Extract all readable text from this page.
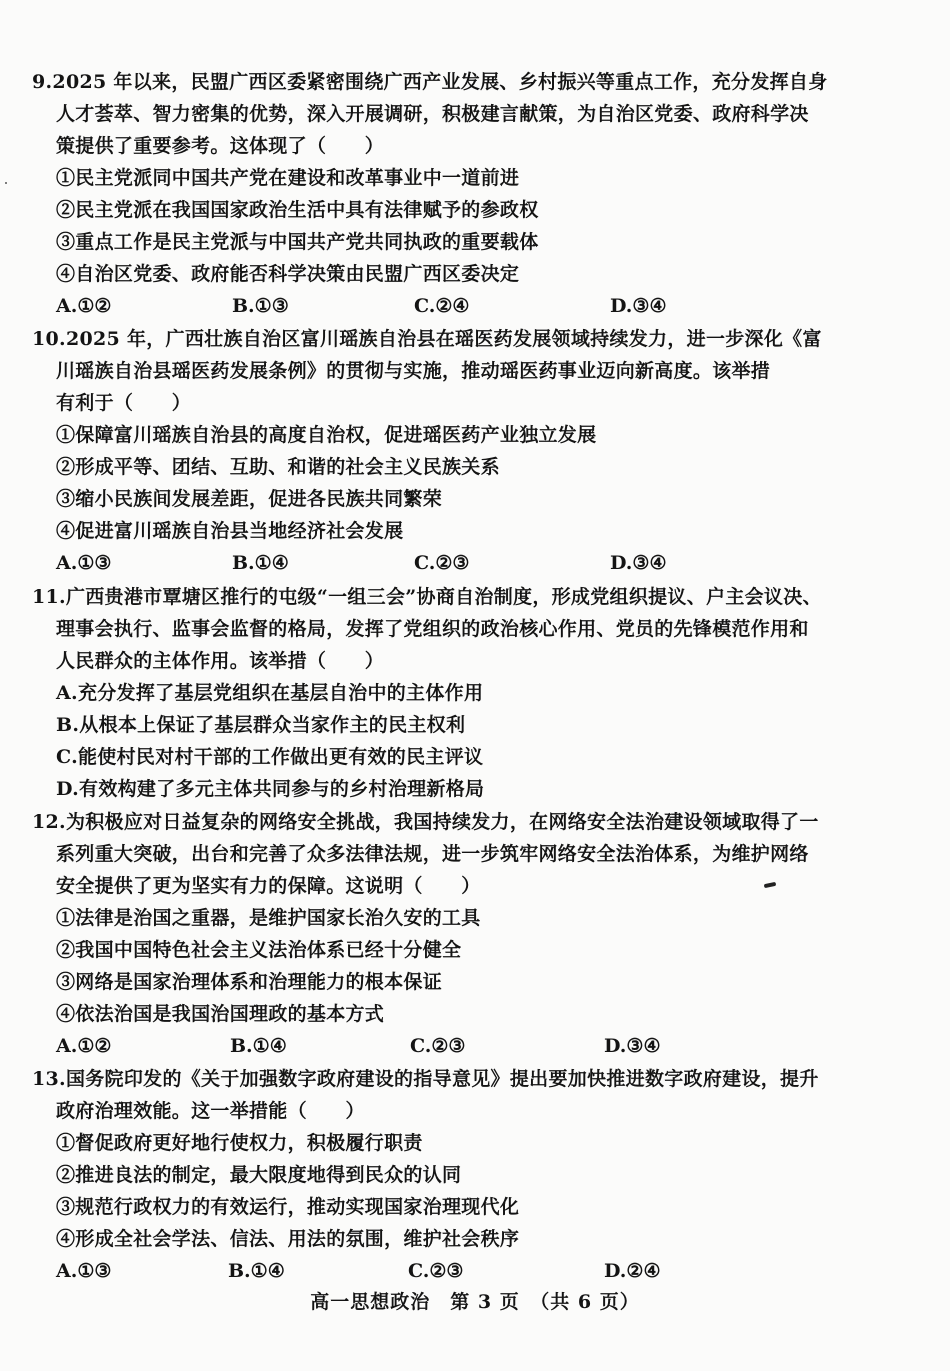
9.2025 年以来，民盟广西区委紧密围绕广西产业发展、乡村振兴等重点工作，充分发挥自身
人才荟萃、智力密集的优势，深入开展调研，积极建言献策，为自治区党委、政府科学决
策提供了重要参考。这体现了（　　）
①民主党派同中国共产党在建设和改革事业中一道前进
②民主党派在我国国家政治生活中具有法律赋予的参政权
③重点工作是民主党派与中国共产党共同执政的重要载体
④自治区党委、政府能否科学决策由民盟广西区委决定
A.①②	B.①③	C.②④	D.③④
10.2025 年，广西壮族自治区富川瑶族自治县在瑶医药发展领域持续发力，进一步深化《富
川瑶族自治县瑶医药发展条例》的贯彻与实施，推动瑶医药事业迈向新高度。该举措
有利于（　　）
①保障富川瑶族自治县的高度自治权，促进瑶医药产业独立发展
②形成平等、团结、互助、和谐的社会主义民族关系
③缩小民族间发展差距，促进各民族共同繁荣
④促进富川瑶族自治县当地经济社会发展
A.①③	B.①④	C.②③	D.③④
11.广西贵港市覃塘区推行的屯级“一组三会”协商自治制度，形成党组织提议、户主会议决、
理事会执行、监事会监督的格局，发挥了党组织的政治核心作用、党员的先锋模范作用和
人民群众的主体作用。该举措（　　）
A.充分发挥了基层党组织在基层自治中的主体作用
B.从根本上保证了基层群众当家作主的民主权利
C.能使村民对村干部的工作做出更有效的民主评议
D.有效构建了多元主体共同参与的乡村治理新格局
12.为积极应对日益复杂的网络安全挑战，我国持续发力，在网络安全法治建设领域取得了一
系列重大突破，出台和完善了众多法律法规，进一步筑牢网络安全法治体系，为维护网络
安全提供了更为坚实有力的保障。这说明（　　）
①法律是治国之重器，是维护国家长治久安的工具
②我国中国特色社会主义法治体系已经十分健全
③网络是国家治理体系和治理能力的根本保证
④依法治国是我国治国理政的基本方式
A.①②	B.①④	C.②③	D.③④
13.国务院印发的《关于加强数字政府建设的指导意见》提出要加快推进数字政府建设，提升
政府治理效能。这一举措能（　　）
①督促政府更好地行使权力，积极履行职责
②推进良法的制定，最大限度地得到民众的认同
③规范行政权力的有效运行，推动实现国家治理现代化
④形成全社会学法、信法、用法的氛围，维护社会秩序
A.①③	B.①④	C.②③	D.②④
高一思想政治　第 3 页　（共 6 页）
